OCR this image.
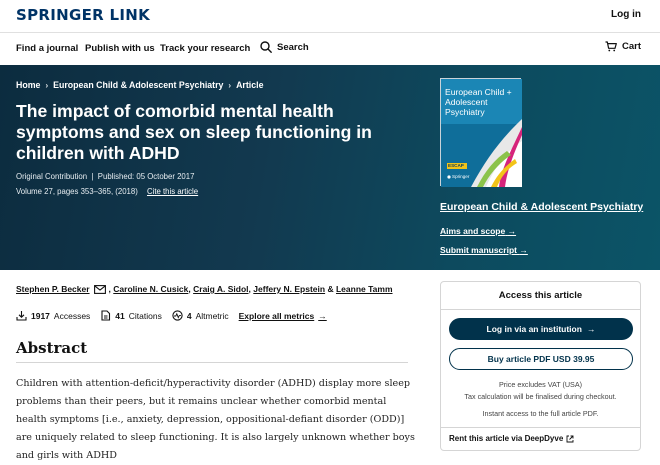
SPRINGER LINK	Log in
Find a journal Publish with us Track your research	Search	Cart
Home › European Child & Adolescent Psychiatry › Article
The impact of comorbid mental health symptoms and sex on sleep functioning in children with ADHD
Original Contribution  |  Published: 05 October 2017
Volume 27, pages 353–365, (2018) Cite this article
European Child + Adolescent Psychiatry
ESCAP
Springer
European Child & Adolescent Psychiatry
Aims and scope →
Submit manuscript →
Stephen P. Becker , Caroline N. Cusick , Craig A. Sidol , Jeffery N. Epstein & Leanne Tamm
1917 Accesses	41 Citations	4 Altmetric Explore all metrics →
Abstract

Children with attention-deficit/hyperactivity disorder (ADHD) display more sleep problems than their peers, but it remains unclear whether comorbid mental health symptoms [i.e., anxiety, depression, oppositional-defiant disorder (ODD)] are uniquely related to sleep functioning. It is also largely unknown whether boys and girls with ADHD

Access this article
Log in via an institution →
Buy article PDF USD 39.95
Price excludes VAT (USA)
Tax calculation will be finalised during checkout.
Instant access to the full article PDF.
Rent this article via DeepDyve
